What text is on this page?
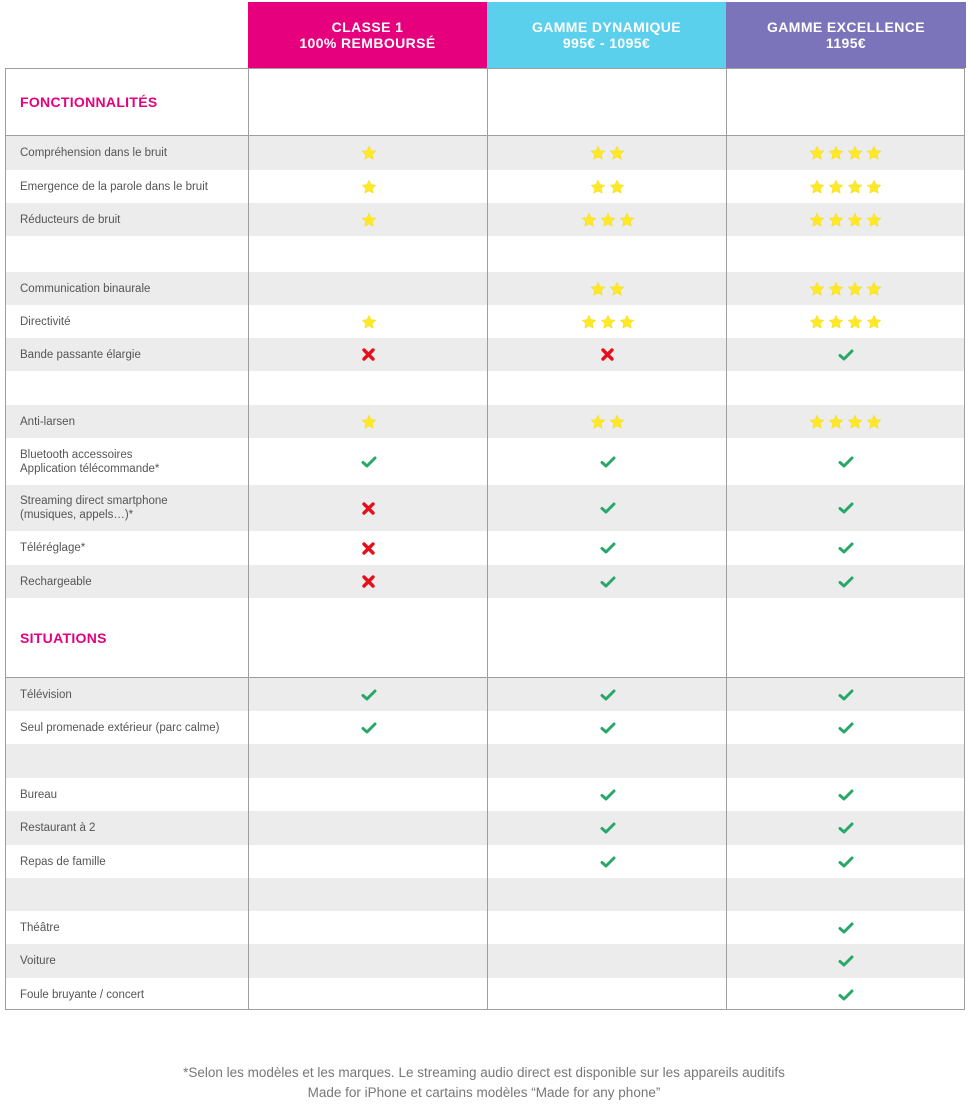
CLASSE 1
100% REMBOURSÉ
GAMME DYNAMIQUE
995€ - 1095€
GAMME EXCELLENCE
1195€
FONCTIONNALITÉS
Compréhension dans le bruit
Emergence de la parole dans le bruit
Réducteurs de bruit
Communication binaurale
Directivité
Bande passante élargie
Anti-larsen
Bluetooth accessoires
Application télécommande*
Streaming direct smartphone
(musiques, appels…)*
Téléréglage*
Rechargeable
SITUATIONS
Télévision
Seul promenade extérieur (parc calme)
Bureau
Restaurant à 2
Repas de famille
Théâtre
Voiture
Foule bruyante / concert
*Selon les modèles et les marques. Le streaming audio direct est disponible sur les appareils auditifs
Made for iPhone et cartains modèles “Made for any phone”
